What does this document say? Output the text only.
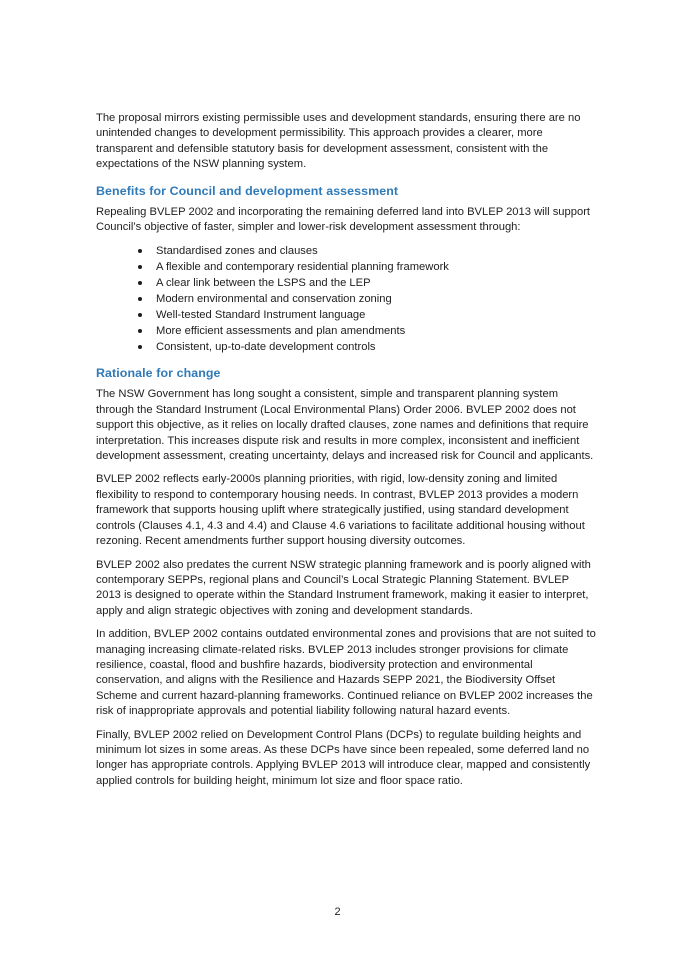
The proposal mirrors existing permissible uses and development standards, ensuring there are no unintended changes to development permissibility. This approach provides a clearer, more transparent and defensible statutory basis for development assessment, consistent with the expectations of the NSW planning system.

Benefits for Council and development assessment

Repealing BVLEP 2002 and incorporating the remaining deferred land into BVLEP 2013 will support Council’s objective of faster, simpler and lower-risk development assessment through:

Standardised zones and clauses
A flexible and contemporary residential planning framework
A clear link between the LSPS and the LEP
Modern environmental and conservation zoning
Well-tested Standard Instrument language
More efficient assessments and plan amendments
Consistent, up-to-date development controls
Rationale for change

The NSW Government has long sought a consistent, simple and transparent planning system through the Standard Instrument (Local Environmental Plans) Order 2006. BVLEP 2002 does not support this objective, as it relies on locally drafted clauses, zone names and definitions that require interpretation. This increases dispute risk and results in more complex, inconsistent and inefficient development assessment, creating uncertainty, delays and increased risk for Council and applicants.

BVLEP 2002 reflects early-2000s planning priorities, with rigid, low-density zoning and limited flexibility to respond to contemporary housing needs. In contrast, BVLEP 2013 provides a modern framework that supports housing uplift where strategically justified, using standard development controls (Clauses 4.1, 4.3 and 4.4) and Clause 4.6 variations to facilitate additional housing without rezoning. Recent amendments further support housing diversity outcomes.

BVLEP 2002 also predates the current NSW strategic planning framework and is poorly aligned with contemporary SEPPs, regional plans and Council’s Local Strategic Planning Statement. BVLEP 2013 is designed to operate within the Standard Instrument framework, making it easier to interpret, apply and align strategic objectives with zoning and development standards.

In addition, BVLEP 2002 contains outdated environmental zones and provisions that are not suited to managing increasing climate-related risks. BVLEP 2013 includes stronger provisions for climate resilience, coastal, flood and bushfire hazards, biodiversity protection and environmental conservation, and aligns with the Resilience and Hazards SEPP 2021, the Biodiversity Offset Scheme and current hazard-planning frameworks. Continued reliance on BVLEP 2002 increases the risk of inappropriate approvals and potential liability following natural hazard events.

Finally, BVLEP 2002 relied on Development Control Plans (DCPs) to regulate building heights and minimum lot sizes in some areas. As these DCPs have since been repealed, some deferred land no longer has appropriate controls. Applying BVLEP 2013 will introduce clear, mapped and consistently applied controls for building height, minimum lot size and floor space ratio.

2
